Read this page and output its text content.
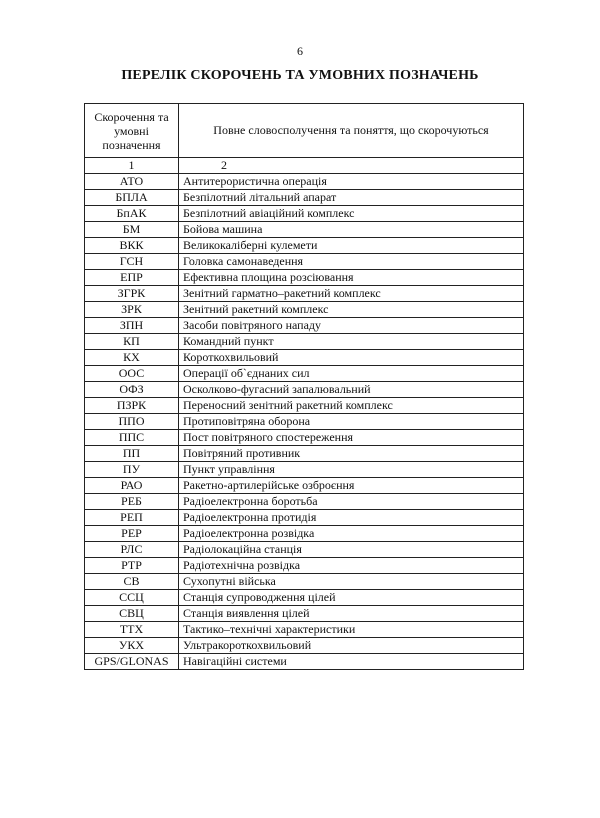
6
ПЕРЕЛІК СКОРОЧЕНЬ ТА УМОВНИХ ПОЗНАЧЕНЬ
Скорочення та умовні позначення	Повне словосполучення та поняття, що скорочуються
1	2
АТО	Антитерористична операція
БПЛА	Безпілотний літальний апарат
БпАК	Безпілотний авіаційний комплекс
БМ	Бойова машина
ВКК	Великокаліберні кулемети
ГСН	Головка самонаведення
ЕПР	Ефективна площина розсіювання
ЗГРК	Зенітний гарматно–ракетний комплекс
ЗРК	Зенітний ракетний комплекс
ЗПН	Засоби повітряного нападу
КП	Командний пункт
КХ	Короткохвильовий
ООС	Операції об`єднаних сил
ОФЗ	Осколково-фугасний запалювальний
ПЗРК	Переносний зенітний ракетний комплекс
ППО	Протиповітряна оборона
ППС	Пост повітряного спостереження
ПП	Повітряний противник
ПУ	Пункт управління
РАО	Ракетно-артилерійське озброєння
РЕБ	Радіоелектронна боротьба
РЕП	Радіоелектронна протидія
РЕР	Радіоелектронна розвідка
РЛС	Радіолокаційна станція
РТР	Радіотехнічна розвідка
СВ	Сухопутні війська
ССЦ	Станція супроводження цілей
СВЦ	Станція виявлення цілей
ТТХ	Тактико–технічні характеристики
УКХ	Ультракороткохвильовий
GPS/GLONAS	Навігаційні системи
